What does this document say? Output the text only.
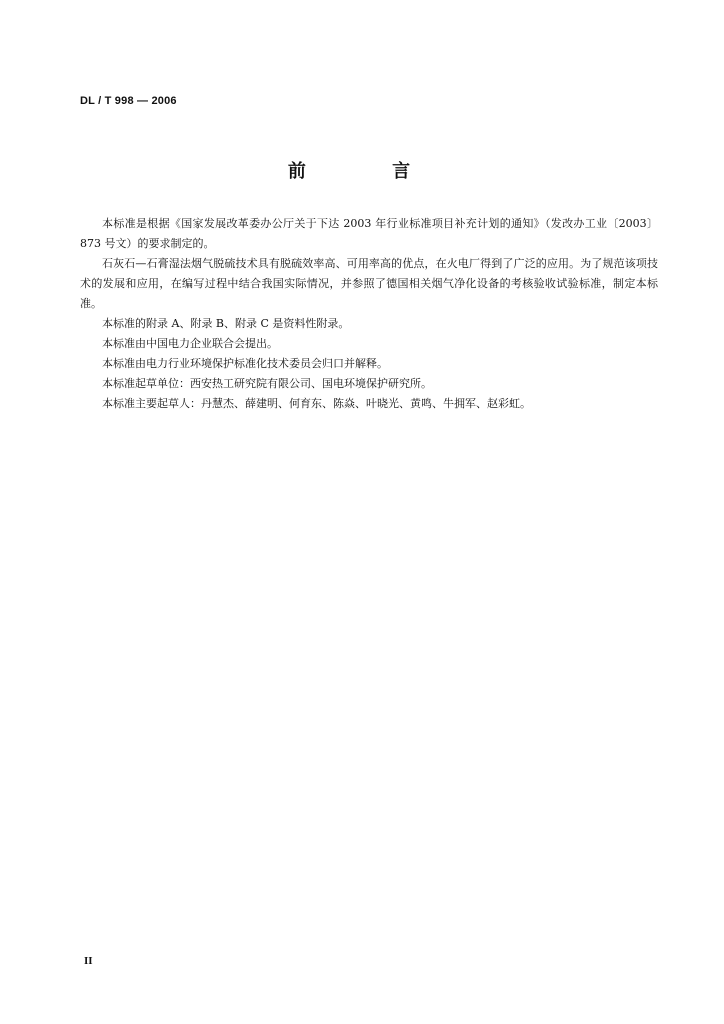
DL / T 998 — 2006
前 言

本标准是根据《国家发展改革委办公厅关于下达 2003 年行业标准项目补充计划的通知》（发改办工业〔2003〕873 号文）的要求制定的。

石灰石—石膏湿法烟气脱硫技术具有脱硫效率高、可用率高的优点，在火电厂得到了广泛的应用。为了规范该项技术的发展和应用，在编写过程中结合我国实际情况，并参照了德国相关烟气净化设备的考核验收试验标准，制定本标准。

本标准的附录 A、附录 B、附录 C 是资料性附录。

本标准由中国电力企业联合会提出。

本标准由电力行业环境保护标准化技术委员会归口并解释。

本标准起草单位：西安热工研究院有限公司、国电环境保护研究所。

本标准主要起草人：丹慧杰、薛建明、何育东、陈焱、叶晓光、黄鸣、牛拥军、赵彩虹。

II
